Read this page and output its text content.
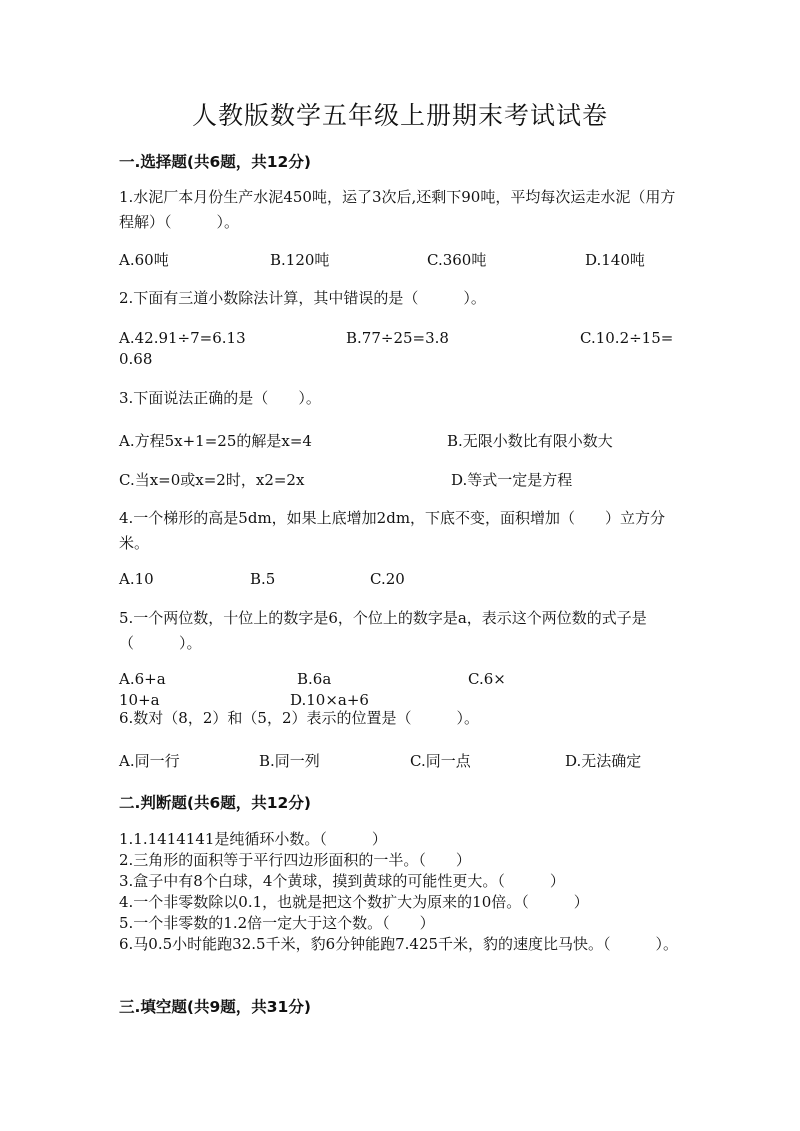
人教版数学五年级上册期末考试试卷
一.选择题(共6题，共12分)
1.水泥厂本月份生产水泥450吨，运了3次后,还剩下90吨，平均每次运走水泥（用方程解）（　　　）。
A.60吨	B.120吨	C.360吨	D.140吨
2.下面有三道小数除法计算，其中错误的是（　　　）。
A.42.91÷7=6.13	B.77÷25=3.8	C.10.2÷15=
0.68
3.下面说法正确的是（　　）。
A.方程5x+1=25的解是x=4	B.无限小数比有限小数大
C.当x=0或x=2时，x2=2x	D.等式一定是方程
4.一个梯形的高是5dm，如果上底增加2dm，下底不变，面积增加（　　）立方分米。
A.10	B.5	C.20
5.一个两位数，十位上的数字是6，个位上的数字是a，表示这个两位数的式子是（　　　）。
A.6+a	B.6a	C.6×
10+a	D.10×a+6
6.数对（8，2）和（5，2）表示的位置是（　　　）。
A.同一行	B.同一列	C.同一点	D.无法确定
二.判断题(共6题，共12分)
1.1.1414141是纯循环小数。（　　　）
2.三角形的面积等于平行四边形面积的一半。（　　）
3.盒子中有8个白球，4个黄球，摸到黄球的可能性更大。（　　　）
4.一个非零数除以0.1，也就是把这个数扩大为原来的10倍。（　　　）
5.一个非零数的1.2倍一定大于这个数。（　　）
6.马0.5小时能跑32.5千米，豹6分钟能跑7.425千米，豹的速度比马快。（　　　）。
三.填空题(共9题，共31分)
